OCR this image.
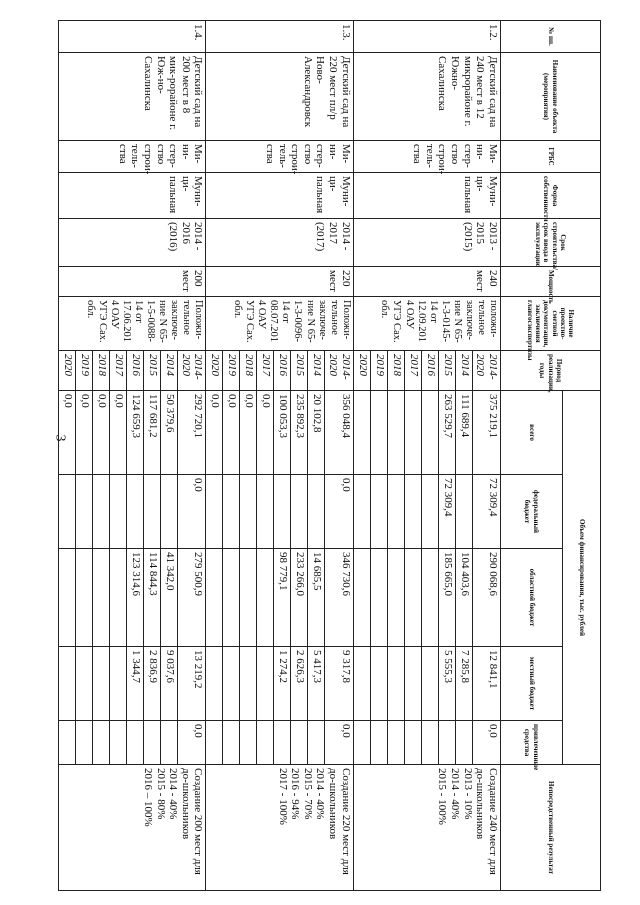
3
№ пп.	Наименование объекта (мероприятия)	ГРБС	Форма собственности	Срок строительства/срок ввода в эксплуатацию	Мощность	Наличие проектно-сметной документации, заключения главгосэкспертизы	Период реализации, годы	Объем финансирования, тыс. рублей					Непосредственный результат
								всего	федеральный бюджет	областной бюджет	местный бюджет	привлеченные средства	
1.2.	Детский сад на 240 мест в 12 микрорайоне г. Южно-Сахалинска	Ми-ни-стер-ство строи-тель-ства	Муни-ци-пальная	2013 - 2015 (2015)	240 мест	положи-тельное заключе-ние N 65-1-3-0145-14 от 12.09.201 4 ОАУ УГЭ Сах. обл.	2014-2020	375 219,1	72 309,4	290 068,6	12 841,1	0,0	Создание 240 мест для до-школьников
2013 - 10%
2014 - 40%
2015 - 100%

							2014	111 689,4		104 403,6	7 285,8		
							2015	263 529,7	72 309,4	185 665,0	5 555,3		
							2016						
							2017						
							2018						
							2019						
							2020						
1.3.	Детский сад на 220 мест пл/р Ново-Александровск	Ми-ни-стер-ство строи-тель-ства	Муни-ци-пальная	2014 - 2017 (2017)	220 мест	Положи-тельное заключе-ние N 65-1-3-0096-14 от 08.07.201 4 ОАУ УГЭ Сах. обл.	2014-2020	356 048,4	0,0	346 730,6	9 317,8	0,0	Создание 220 мест для до-школьников
2014 - 40%
2015 - 70%
2016 - 94%
2017 - 100%

							2014	20 102,8		14 685,5	5 417,3		
							2015	235 892,3		233 266,0	2 626,3		
							2016	100 053,3		98 779,1	1 274,2		
							2017	0,0					
							2018	0,0					
							2019	0,0					
							2020	0,0					
1.4.	Детский сад на 200 мест в 8 мик-рорайоне г. Юж-но-Сахалинска	Ми-ни-стер-ство строи-тель-ства	Муни-ци-пальная	2014 - 2016 (2016)	200 мест	Положи-тельное заключе-ние N 65-1-5-0088-14 от 17.06.201 4 ОАУ УГЭ Сах. обл.	2014-2020	292 720,1	0,0	279 500,9	13 219,2	0,0	Создание 200 мест для до-школьников
2014 - 40%
2015 - 80%
2016 – 100%

							2014	50 379,6		41 342,0	9 037,6		
							2015	117 681,2		114 844,3	2 836,9		
							2016	124 659,3		123 314,6	1 344,7		
							2017	0,0					
							2018	0,0					
							2019	0,0					
							2020	0,0					
